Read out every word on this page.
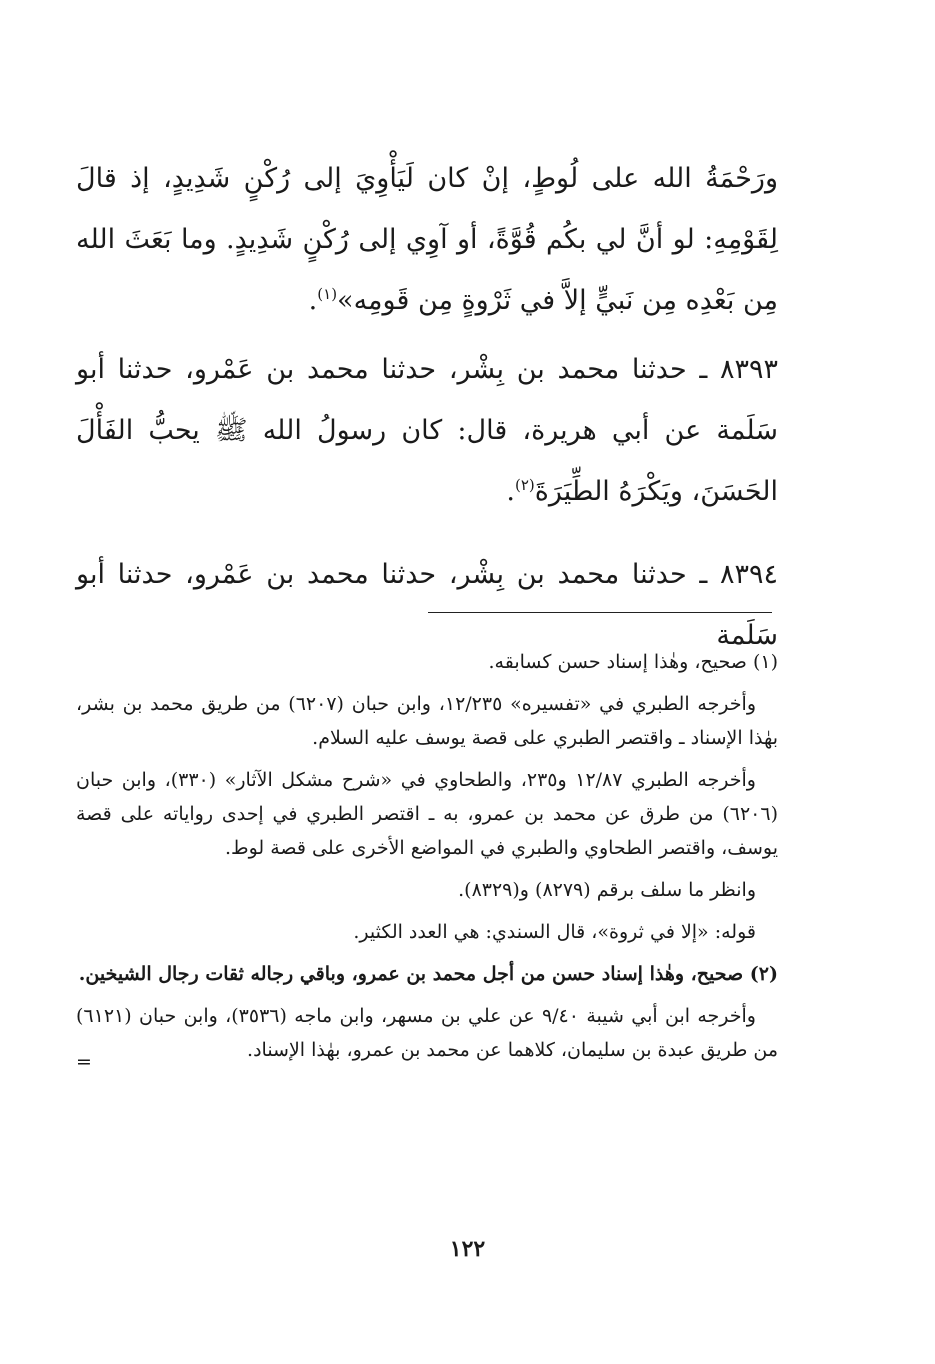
ورَحْمَةُ الله على لُوطٍ، إنْ كان لَيَأْوِيَ إلى رُكْنٍ شَدِيدٍ، إذ قالَ لِقَوْمِهِ: لو أنَّ لي بكُم قُوَّةً، أو آوِي إلى رُكْنٍ شَدِيدٍ. وما بَعَثَ الله مِن بَعْدِه مِن نَبيٍّ إلاَّ في ثَرْوةٍ مِن قَومِه»$^{(١)}$.

٨٣٩٣ ـ حدثنا محمد بن بِشْر، حدثنا محمد بن عَمْرو، حدثنا أبو سَلَمة عن أبي هريرة، قال: كان رسولُ الله ﷺ يحبُّ الفَأْلَ الحَسَنَ، ويَكْرَهُ الطِّيَرَةَ$^{(٢)}$.

٨٣٩٤ ـ حدثنا محمد بن بِشْر، حدثنا محمد بن عَمْرو، حدثنا أبو سَلَمة

(١) صحيح، وهٰذا إسناد حسن كسابقه.

وأخرجه الطبري في «تفسيره» ١٢/٢٣٥، وابن حبان (٦٢٠٧) من طريق محمد بن بشر، بهٰذا الإسناد ـ واقتصر الطبري على قصة يوسف عليه السلام.

وأخرجه الطبري ١٢/٨٧ و٢٣٥، والطحاوي في «شرح مشكل الآثار» (٣٣٠)، وابن حبان (٦٢٠٦) من طرق عن محمد بن عمرو، به ـ اقتصر الطبري في إحدى رواياته على قصة يوسف، واقتصر الطحاوي والطبري في المواضع الأخرى على قصة لوط.

وانظر ما سلف برقم (٨٢٧٩) و(٨٣٢٩).

قوله: «إلا في ثروة»، قال السندي: هي العدد الكثير.

(٢) صحيح، وهٰذا إسناد حسن من أجل محمد بن عمرو، وباقي رجاله ثقات رجال الشيخين.

وأخرجه ابن أبي شيبة ٩/٤٠ عن علي بن مسهر، وابن ماجه (٣٥٣٦)، وابن حبان (٦١٢١) من طريق عبدة بن سليمان، كلاهما عن محمد بن عمرو، بهٰذا الإسناد.

=
١٢٢
